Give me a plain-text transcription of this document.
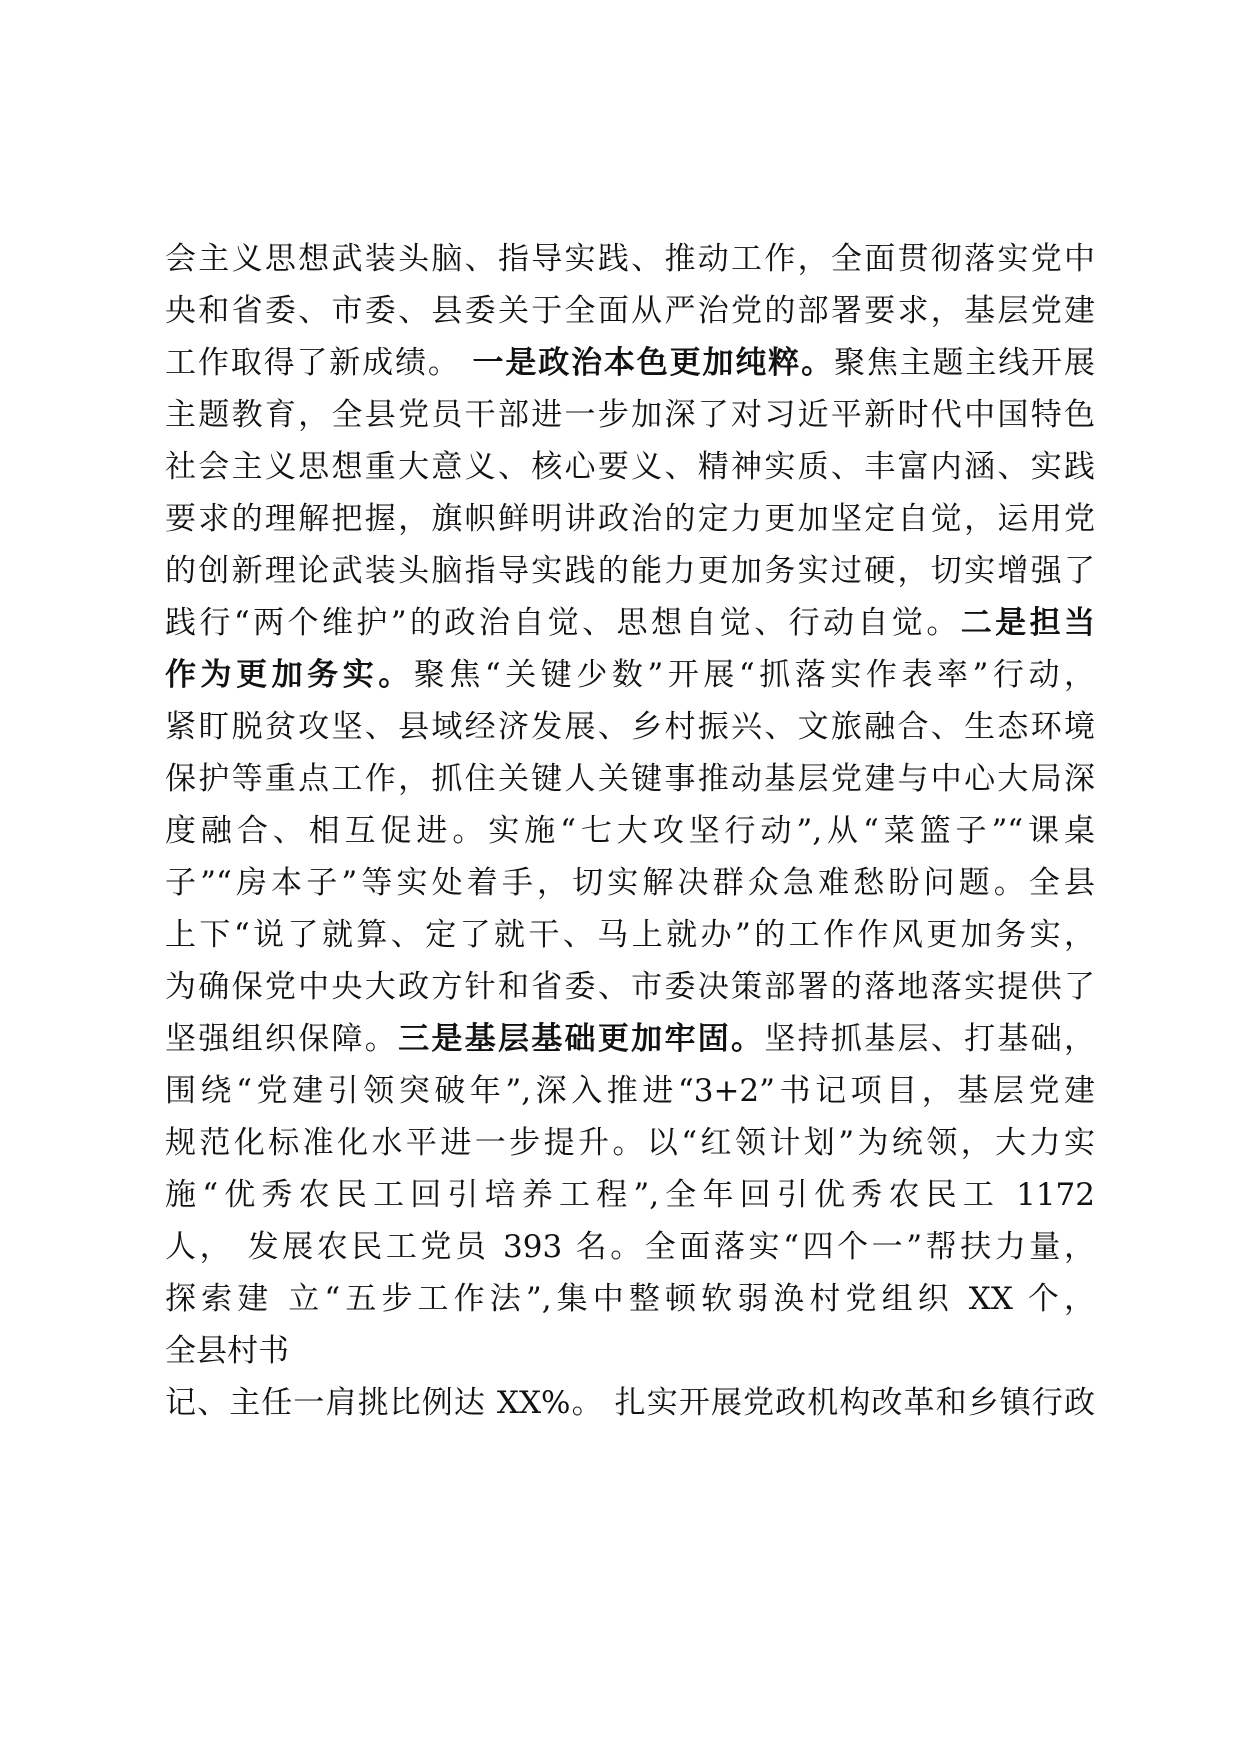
会主义思想武装头脑、指导实践、推动工作，全面贯彻落实党中
央和省委、市委、县委关于全面从严治党的部署要求，基层党建
工作取得了新成绩。 一是政治本色更加纯粹。聚焦主题主线开展
主题教育，全县党员干部进一步加深了对习近平新时代中国特色
社会主义思想重大意义、核心要义、精神实质、丰富内涵、实践
要求的理解把握，旗帜鲜明讲政治的定力更加坚定自觉，运用党
的创新理论武装头脑指导实践的能力更加务实过硬，切实增强了
践行“两个维护”的政治自觉、思想自觉、行动自觉。二是担当
作为更加务实。聚焦“关键少数”开展“抓落实作表率”行动，
紧盯脱贫攻坚、县域经济发展、乡村振兴、文旅融合、生态环境
保护等重点工作，抓住关键人关键事推动基层党建与中心大局深
度融合、相互促进。实施“七大攻坚行动”,从“菜篮子”“课桌
子”“房本子”等实处着手，切实解决群众急难愁盼问题。全县
上下“说了就算、定了就干、马上就办”的工作作风更加务实，
为确保党中央大政方针和省委、市委决策部署的落地落实提供了
坚强组织保障。三是基层基础更加牢固。坚持抓基层、打基础，
围绕“党建引领突破年”,深入推进“3+2”书记项目，基层党建
规范化标准化水平进一步提升。以“红领计划”为统领，大力实
施“优秀农民工回引培养工程”,全年回引优秀农民工 1172
人， 发展农民工党员 393 名。全面落实“四个一”帮扶力量，
探索建 立“五步工作法”,集中整顿软弱涣村党组织 XX 个，
全县村书
记、主任一肩挑比例达 XX%。 扎实开展党政机构改革和乡镇行政
